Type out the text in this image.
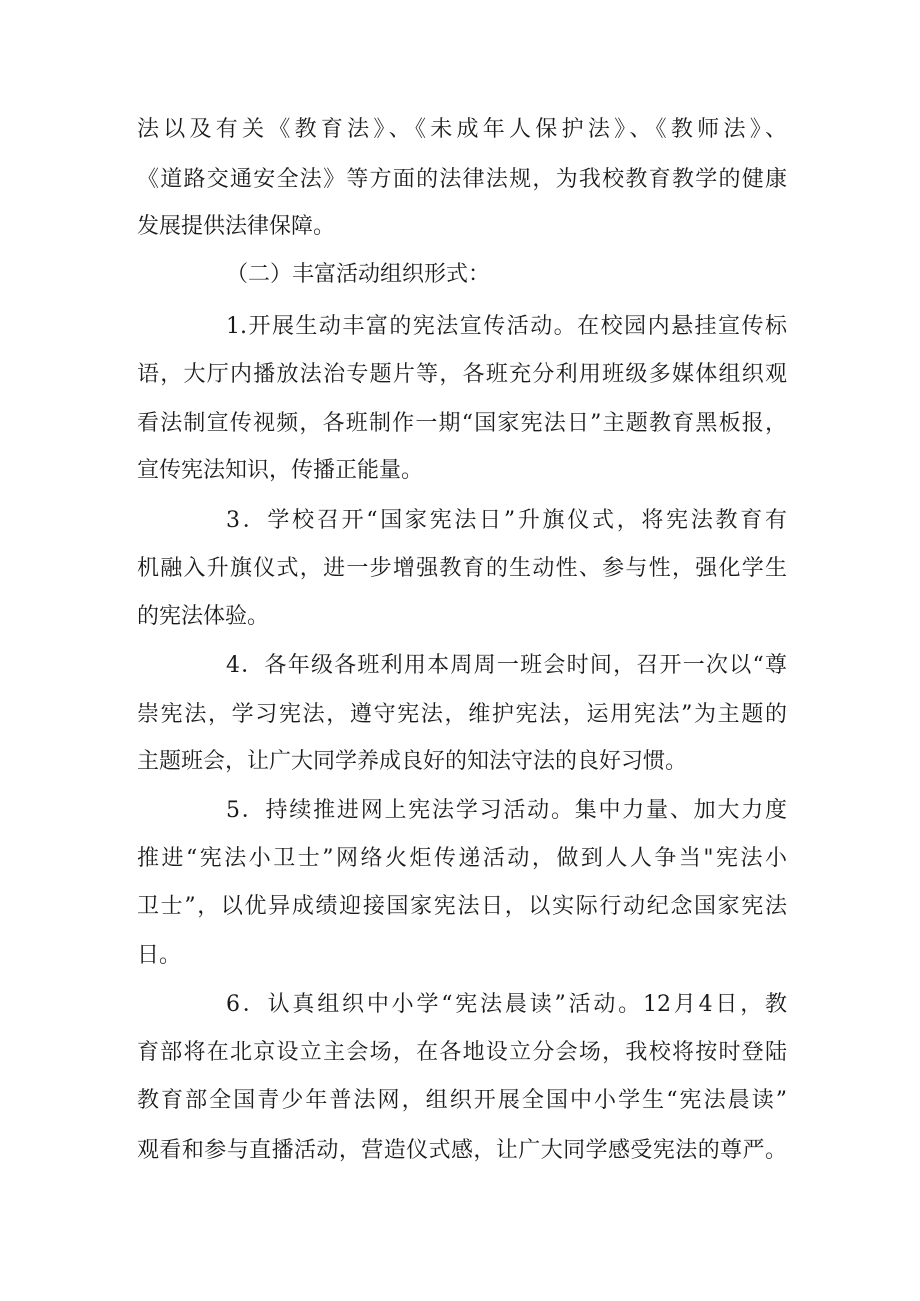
法以及有关《教育法》、《未成年人保护法》、《教师法》、
《道路交通安全法》等方面的法律法规，为我校教育教学的健康
发展提供法律保障。
（二）丰富活动组织形式：
1.开展生动丰富的宪法宣传活动。在校园内悬挂宣传标
语，大厅内播放法治专题片等，各班充分利用班级多媒体组织观
看法制宣传视频，各班制作一期“国家宪法日”主题教育黑板报，
宣传宪法知识，传播正能量。
3．学校召开“国家宪法日”升旗仪式，将宪法教育有
机融入升旗仪式，进一步增强教育的生动性、参与性，强化学生
的宪法体验。
4．各年级各班利用本周周一班会时间，召开一次以“尊
崇宪法，学习宪法，遵守宪法，维护宪法，运用宪法”为主题的
主题班会，让广大同学养成良好的知法守法的良好习惯。
5．持续推进网上宪法学习活动。集中力量、加大力度
推进“宪法小卫士”网络火炬传递活动，做到人人争当"宪法小
卫士”，以优异成绩迎接国家宪法日，以实际行动纪念国家宪法
日。
6．认真组织中小学“宪法晨读”活动。12月4日，教
育部将在北京设立主会场，在各地设立分会场，我校将按时登陆
教育部全国青少年普法网，组织开展全国中小学生“宪法晨读”
观看和参与直播活动，营造仪式感，让广大同学感受宪法的尊严。
